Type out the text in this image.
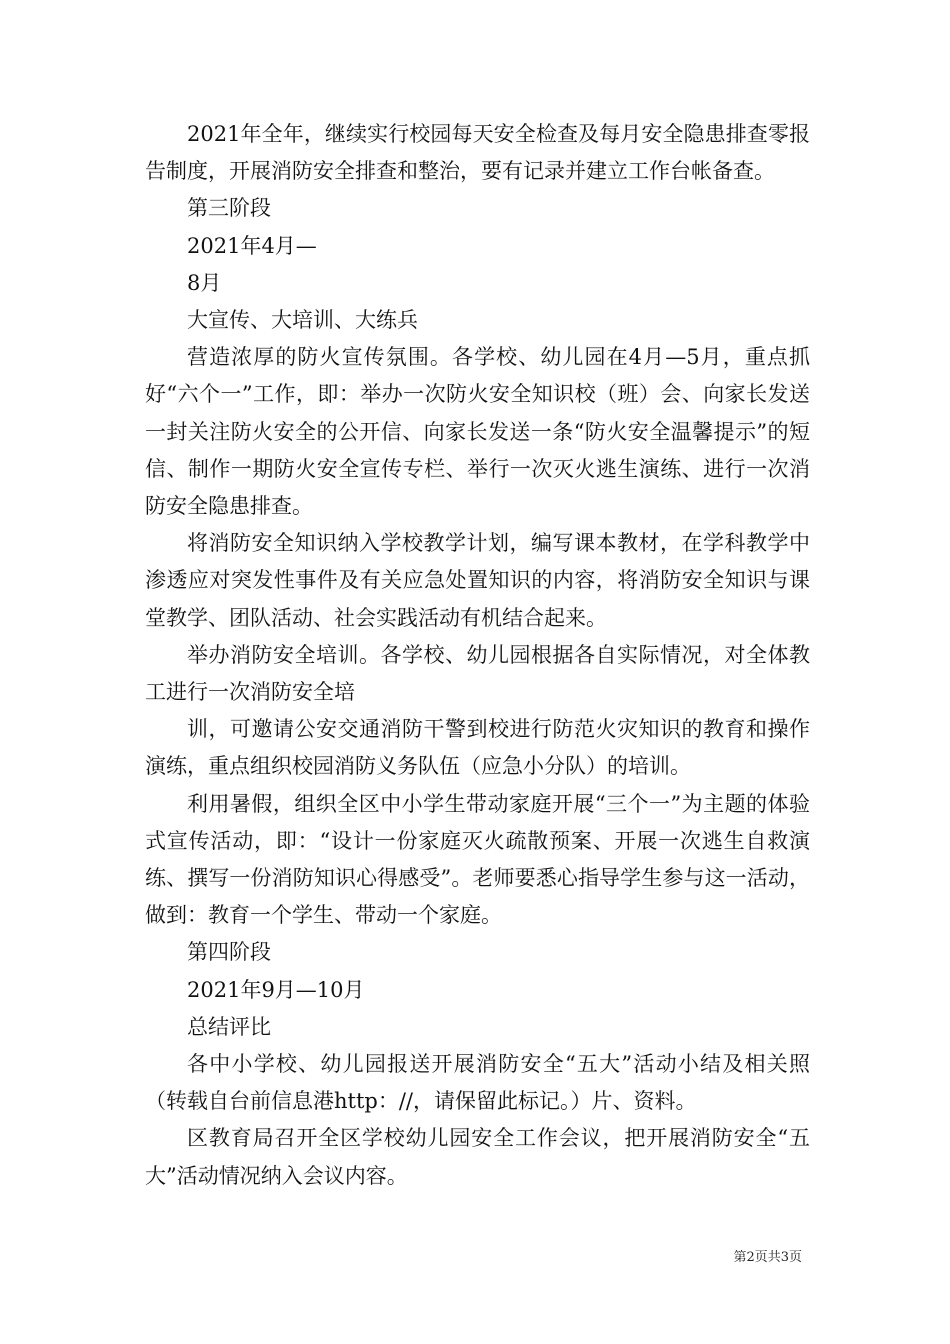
2021年全年，继续实行校园每天安全检查及每月安全隐患排查零报告制度，开展消防安全排查和整治，要有记录并建立工作台帐备查。

第三阶段

2021年4月—

8月

大宣传、大培训、大练兵

营造浓厚的防火宣传氛围。各学校、幼儿园在4月—5月，重点抓好“六个一”工作，即：举办一次防火安全知识校（班）会、向家长发送一封关注防火安全的公开信、向家长发送一条“防火安全温馨提示”的短信、制作一期防火安全宣传专栏、举行一次灭火逃生演练、进行一次消防安全隐患排查。

将消防安全知识纳入学校教学计划，编写课本教材，在学科教学中渗透应对突发性事件及有关应急处置知识的内容，将消防安全知识与课堂教学、团队活动、社会实践活动有机结合起来。

举办消防安全培训。各学校、幼儿园根据各自实际情况，对全体教工进行一次消防安全培

训，可邀请公安交通消防干警到校进行防范火灾知识的教育和操作演练，重点组织校园消防义务队伍（应急小分队）的培训。

利用暑假，组织全区中小学生带动家庭开展“三个一”为主题的体验式宣传活动，即：“设计一份家庭灭火疏散预案、开展一次逃生自救演练、撰写一份消防知识心得感受”。老师要悉心指导学生参与这一活动，做到：教育一个学生、带动一个家庭。

第四阶段

2021年9月—10月

总结评比

各中小学校、幼儿园报送开展消防安全“五大”活动小结及相关照（转载自台前信息港http：//，请保留此标记。）片、资料。

区教育局召开全区学校幼儿园安全工作会议，把开展消防安全“五大”活动情况纳入会议内容。

第2页共3页
